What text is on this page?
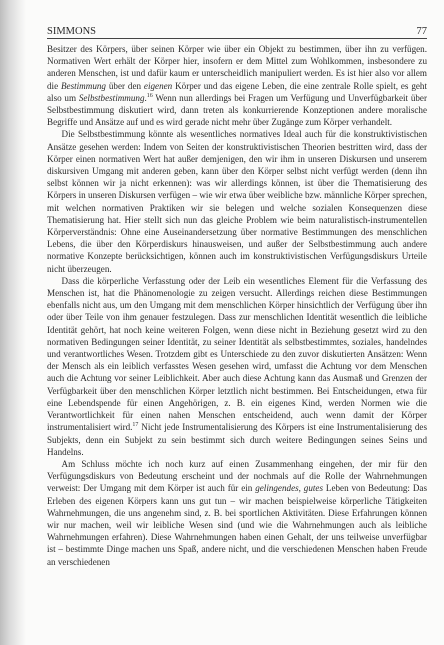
SIMMONS	77

Besitzer des Körpers, über seinen Körper wie über ein Objekt zu bestimmen, über ihn zu verfügen. Normativen Wert erhält der Körper hier, insofern er dem Mittel zum Wohlkommen, insbesondere zu anderen Menschen, ist und dafür kaum er unterscheidlich manipuliert werden. Es ist hier also vor allem die Bestimmung über den eigenen Körper und das eigene Leben, die eine zentrale Rolle spielt, es geht also um Selbstbestimmung.$^{16}$ Wenn nun allerdings bei Fragen um Verfügung und Unverfügbarkeit über Selbstbestimmung diskutiert wird, dann treten als konkurrierende Konzeptionen andere moralische Begriffe und Ansätze auf und es wird gerade nicht mehr über Zugänge zum Körper verhandelt.

Die Selbstbestimmung könnte als wesentliches normatives Ideal auch für die konstruktivistischen Ansätze gesehen werden: Indem von Seiten der konstruktivistischen Theorien bestritten wird, dass der Körper einen normativen Wert hat außer demjenigen, den wir ihm in unseren Diskursen und unserem diskursiven Umgang mit anderen geben, kann über den Körper selbst nicht verfügt werden (denn ihn selbst können wir ja nicht erkennen): was wir allerdings können, ist über die Thematisierung des Körpers in unseren Diskursen verfügen – wie wir etwa über weibliche bzw. männliche Körper sprechen, mit welchen normativen Praktiken wir sie belegen und welche sozialen Konsequenzen diese Thematisierung hat. Hier stellt sich nun das gleiche Problem wie beim naturalistisch-instrumentellen Körperverständnis: Ohne eine Auseinandersetzung über normative Bestimmungen des menschlichen Lebens, die über den Körperdiskurs hinausweisen, und außer der Selbstbestimmung auch andere normative Konzepte berücksichtigen, können auch im konstruktivistischen Verfügungsdiskurs Urteile nicht überzeugen.

Dass die körperliche Verfasstung oder der Leib ein wesentliches Element für die Verfassung des Menschen ist, hat die Phänomenologie zu zeigen versucht. Allerdings reichen diese Bestimmungen ebenfalls nicht aus, um den Umgang mit dem menschlichen Körper hinsichtlich der Verfügung über ihn oder über Teile von ihm genauer festzulegen. Dass zur menschlichen Identität wesentlich die leibliche Identität gehört, hat noch keine weiteren Folgen, wenn diese nicht in Beziehung gesetzt wird zu den normativen Bedingungen seiner Identität, zu seiner Identität als selbstbestimmtes, soziales, handelndes und verantwortliches Wesen. Trotzdem gibt es Unterschiede zu den zuvor diskutierten Ansätzen: Wenn der Mensch als ein leiblich verfasstes Wesen gesehen wird, umfasst die Achtung vor dem Menschen auch die Achtung vor seiner Leiblichkeit. Aber auch diese Achtung kann das Ausmaß und Grenzen der Verfügbarkeit über den menschlichen Körper letztlich nicht bestimmen. Bei Entscheidungen, etwa für eine Lebendspende für einen Angehörigen, z. B. ein eigenes Kind, werden Normen wie die Verantwortlichkeit für einen nahen Menschen entscheidend, auch wenn damit der Körper instrumentalisiert wird.$^{17}$ Nicht jede Instrumentalisierung des Körpers ist eine Instrumentalisierung des Subjekts, denn ein Subjekt zu sein bestimmt sich durch weitere Bedingungen seines Seins und Handelns.

Am Schluss möchte ich noch kurz auf einen Zusammenhang eingehen, der mir für den Verfügungsdiskurs von Bedeutung erscheint und der nochmals auf die Rolle der Wahrnehmungen verweist: Der Umgang mit dem Körper ist auch für ein gelingendes, gutes Leben von Bedeutung: Das Erleben des eigenen Körpers kann uns gut tun – wir machen beispielweise körperliche Tätigkeiten Wahrnehmungen, die uns angenehm sind, z. B. bei sportlichen Aktivitäten. Diese Erfahrungen können wir nur machen, weil wir leibliche Wesen sind (und wie die Wahrnehmungen auch als leibliche Wahrnehmungen erfahren). Diese Wahrnehmungen haben einen Gehalt, der uns teilweise unverfügbar ist – bestimmte Dinge machen uns Spaß, andere nicht, und die verschiedenen Menschen haben Freude an verschiedenen
